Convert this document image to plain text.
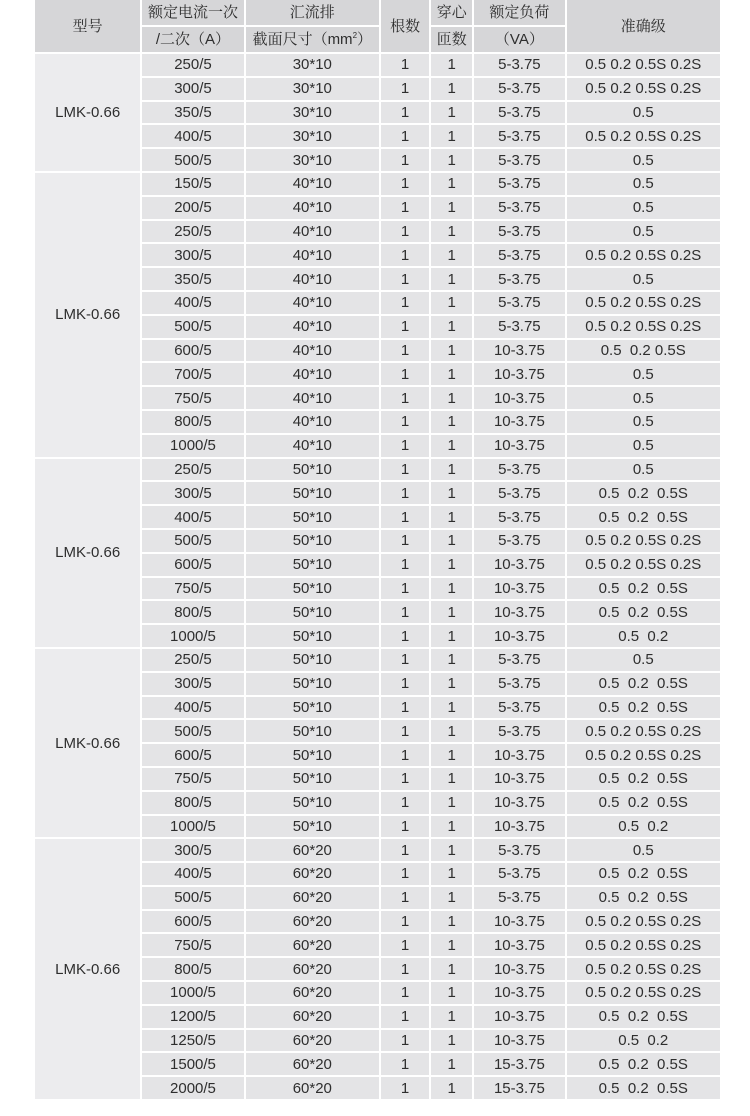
型号	额定电流一次	汇流排	根数	穿心	额定负荷	准确级
	/二次（A）	截面尺寸$(mm^2)$		匝数	（VA）	
LMK-0.66	250/5	30*10	1	1	5-3.75	0.5 0.2 0.5S 0.2S
	300/5	30*10	1	1	5-3.75	0.5 0.2 0.5S 0.2S
	350/5	30*10	1	1	5-3.75	0.5
	400/5	30*10	1	1	5-3.75	0.5 0.2 0.5S 0.2S
	500/5	30*10	1	1	5-3.75	0.5
LMK-0.66	150/5	40*10	1	1	5-3.75	0.5
	200/5	40*10	1	1	5-3.75	0.5
	250/5	40*10	1	1	5-3.75	0.5
	300/5	40*10	1	1	5-3.75	0.5 0.2 0.5S 0.2S
	350/5	40*10	1	1	5-3.75	0.5
	400/5	40*10	1	1	5-3.75	0.5 0.2 0.5S 0.2S
	500/5	40*10	1	1	5-3.75	0.5 0.2 0.5S 0.2S
	600/5	40*10	1	1	10-3.75	0.5  0.2 0.5S
	700/5	40*10	1	1	10-3.75	0.5
	750/5	40*10	1	1	10-3.75	0.5
	800/5	40*10	1	1	10-3.75	0.5
	1000/5	40*10	1	1	10-3.75	0.5
LMK-0.66	250/5	50*10	1	1	5-3.75	0.5
	300/5	50*10	1	1	5-3.75	0.5  0.2  0.5S
	400/5	50*10	1	1	5-3.75	0.5  0.2  0.5S
	500/5	50*10	1	1	5-3.75	0.5 0.2 0.5S 0.2S
	600/5	50*10	1	1	10-3.75	0.5 0.2 0.5S 0.2S
	750/5	50*10	1	1	10-3.75	0.5  0.2  0.5S
	800/5	50*10	1	1	10-3.75	0.5  0.2  0.5S
	1000/5	50*10	1	1	10-3.75	0.5  0.2
LMK-0.66	250/5	50*10	1	1	5-3.75	0.5
	300/5	50*10	1	1	5-3.75	0.5  0.2  0.5S
	400/5	50*10	1	1	5-3.75	0.5  0.2  0.5S
	500/5	50*10	1	1	5-3.75	0.5 0.2 0.5S 0.2S
	600/5	50*10	1	1	10-3.75	0.5 0.2 0.5S 0.2S
	750/5	50*10	1	1	10-3.75	0.5  0.2  0.5S
	800/5	50*10	1	1	10-3.75	0.5  0.2  0.5S
	1000/5	50*10	1	1	10-3.75	0.5  0.2
LMK-0.66	300/5	60*20	1	1	5-3.75	0.5
	400/5	60*20	1	1	5-3.75	0.5  0.2  0.5S
	500/5	60*20	1	1	5-3.75	0.5  0.2  0.5S
	600/5	60*20	1	1	10-3.75	0.5 0.2 0.5S 0.2S
	750/5	60*20	1	1	10-3.75	0.5 0.2 0.5S 0.2S
	800/5	60*20	1	1	10-3.75	0.5 0.2 0.5S 0.2S
	1000/5	60*20	1	1	10-3.75	0.5 0.2 0.5S 0.2S
	1200/5	60*20	1	1	10-3.75	0.5  0.2  0.5S
	1250/5	60*20	1	1	10-3.75	0.5  0.2
	1500/5	60*20	1	1	15-3.75	0.5  0.2  0.5S
	2000/5	60*20	1	1	15-3.75	0.5  0.2  0.5S
